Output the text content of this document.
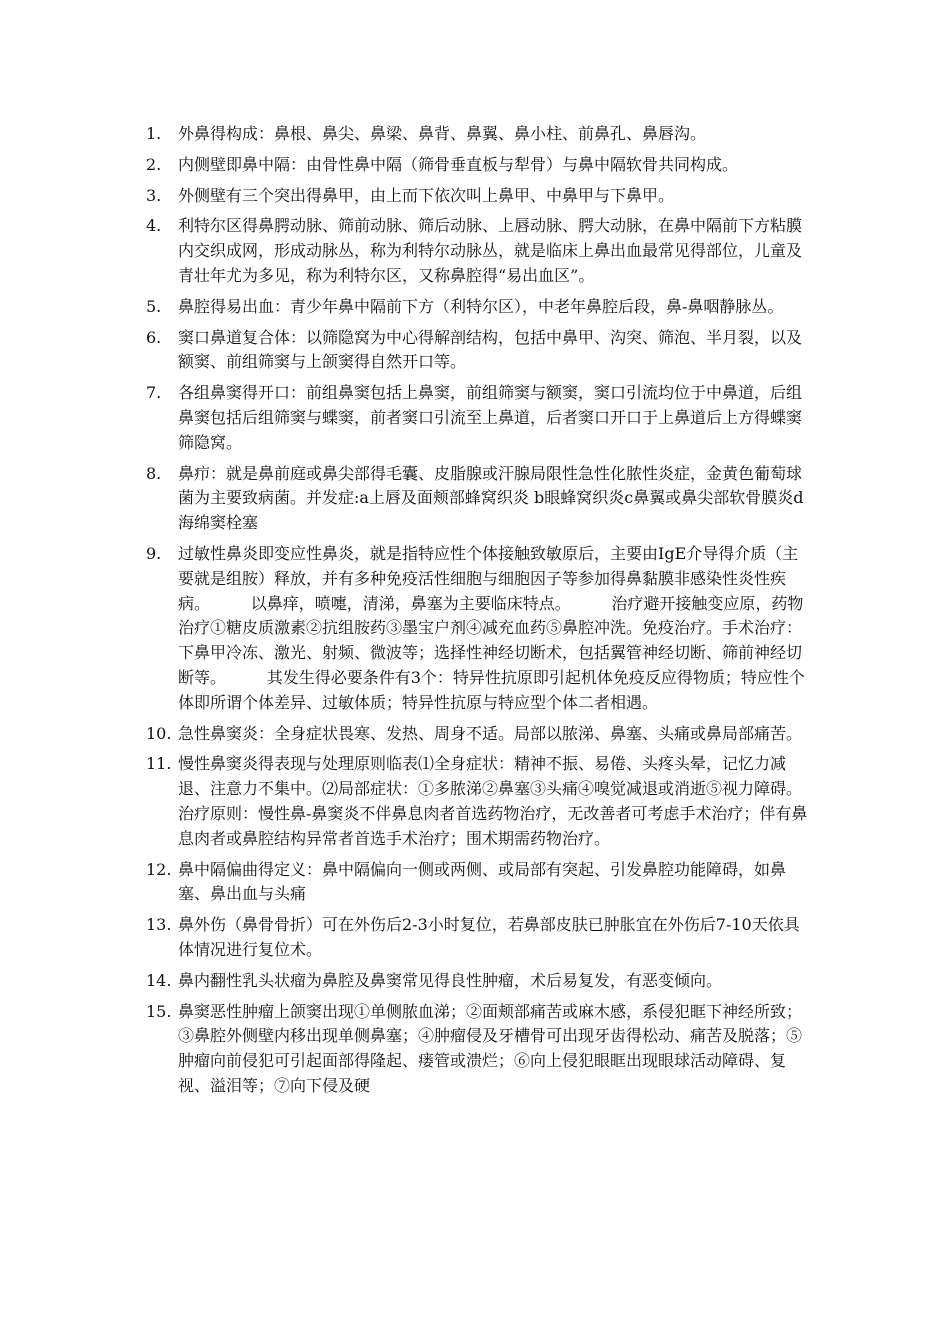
1.	外鼻得构成：鼻根、鼻尖、鼻梁、鼻背、鼻翼、鼻小柱、前鼻孔、鼻唇沟。
2.	内侧壁即鼻中隔：由骨性鼻中隔（筛骨垂直板与犁骨）与鼻中隔软骨共同构成。
3.	外侧壁有三个突出得鼻甲，由上而下依次叫上鼻甲、中鼻甲与下鼻甲。
4.	利特尔区得鼻腭动脉、筛前动脉、筛后动脉、上唇动脉、腭大动脉，在鼻中隔前下方粘膜内交织成网，形成动脉丛，称为利特尔动脉丛，就是临床上鼻出血最常见得部位，儿童及青壮年尤为多见，称为利特尔区，又称鼻腔得“易出血区”。
5.	鼻腔得易出血：青少年鼻中隔前下方（利特尔区），中老年鼻腔后段，鼻-鼻咽静脉丛。
6.	窦口鼻道复合体：以筛隐窝为中心得解剖结构，包括中鼻甲、沟突、筛泡、半月裂，以及额窦、前组筛窦与上颌窦得自然开口等。
7.	各组鼻窦得开口：前组鼻窦包括上鼻窦，前组筛窦与额窦，窦口引流均位于中鼻道，后组鼻窦包括后组筛窦与蝶窦，前者窦口引流至上鼻道，后者窦口开口于上鼻道后上方得蝶窦筛隐窝。
8.	鼻疖：就是鼻前庭或鼻尖部得毛囊、皮脂腺或汗腺局限性急性化脓性炎症，金黄色葡萄球菌为主要致病菌。并发症:a上唇及面颊部蜂窝织炎 b眼蜂窝织炎c鼻翼或鼻尖部软骨膜炎d海绵窦栓塞
9.	过敏性鼻炎即变应性鼻炎，就是指特应性个体接触致敏原后，主要由IgE介导得介质（主要就是组胺）释放，并有多种免疫活性细胞与细胞因子等参加得鼻黏膜非感染性炎性疾病。        以鼻痒，喷嚏，清涕，鼻塞为主要临床特点。        治疗避开接触变应原，药物治疗①糖皮质激素②抗组胺药③墨宝户剂④减充血药⑤鼻腔冲洗。免疫治疗。手术治疗：下鼻甲冷冻、激光、射频、微波等；选择性神经切断术，包括翼管神经切断、筛前神经切断等。        其发生得必要条件有3个：特异性抗原即引起机体免疫反应得物质；特应性个体即所谓个体差异、过敏体质；特异性抗原与特应型个体二者相遇。
10. 急性鼻窦炎：全身症状畏寒、发热、周身不适。局部以脓涕、鼻塞、头痛或鼻局部痛苦。
11. 慢性鼻窦炎得表现与处理原则临表⑴全身症状：精神不振、易倦、头疼头晕，记忆力减退、注意力不集中。⑵局部症状：①多脓涕②鼻塞③头痛④嗅觉减退或消逝⑤视力障碍。治疗原则：慢性鼻-鼻窦炎不伴鼻息肉者首选药物治疗，无改善者可考虑手术治疗；伴有鼻息肉者或鼻腔结构异常者首选手术治疗；围术期需药物治疗。
12. 鼻中隔偏曲得定义：鼻中隔偏向一侧或两侧、或局部有突起、引发鼻腔功能障碍，如鼻塞、鼻出血与头痛
13. 鼻外伤（鼻骨骨折）可在外伤后2-3小时复位，若鼻部皮肤已肿胀宜在外伤后7-10天依具体情况进行复位术。
14. 鼻内翻性乳头状瘤为鼻腔及鼻窦常见得良性肿瘤，术后易复发，有恶变倾向。
15. 鼻窦恶性肿瘤上颌窦出现①单侧脓血涕；②面颊部痛苦或麻木感，系侵犯眶下神经所致；③鼻腔外侧壁内移出现单侧鼻塞；④肿瘤侵及牙槽骨可出现牙齿得松动、痛苦及脱落；⑤肿瘤向前侵犯可引起面部得隆起、瘘管或溃烂；⑥向上侵犯眼眶出现眼球活动障碍、复视、溢泪等；⑦向下侵及硬
